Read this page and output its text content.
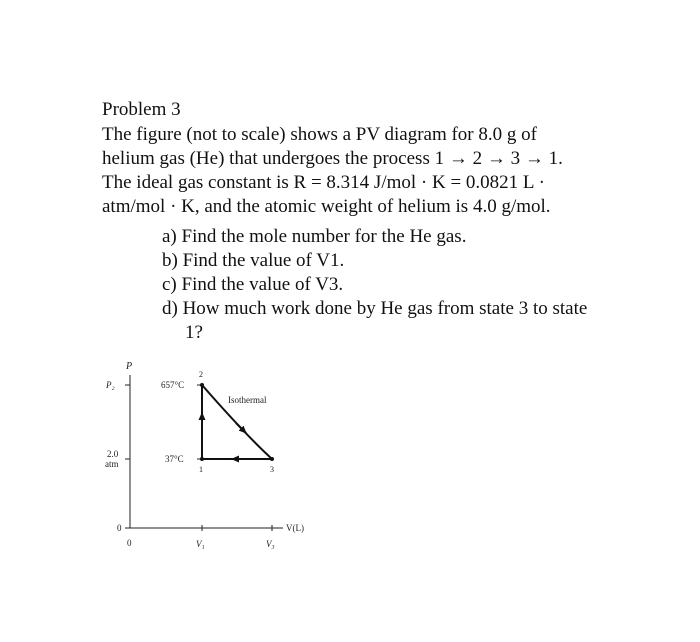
Problem 3

The figure (not to scale) shows a PV diagram for 8.0 g of helium gas (He) that undergoes the process 1 → 2 → 3 → 1. The ideal gas constant is R = 8.314 J/mol · K = 0.0821 L · atm/mol · K, and the atomic weight of helium is 4.0 g/mol.

a) Find the mole number for the He gas.
b) Find the value of V1.
c) Find the value of V3.
d) How much work done by He gas from state 3 to state 1?
P
V(L)
P₂
2.0
atm
0
0	V₁	V₃
657°C
37°C
Isothermal
2
1	3
